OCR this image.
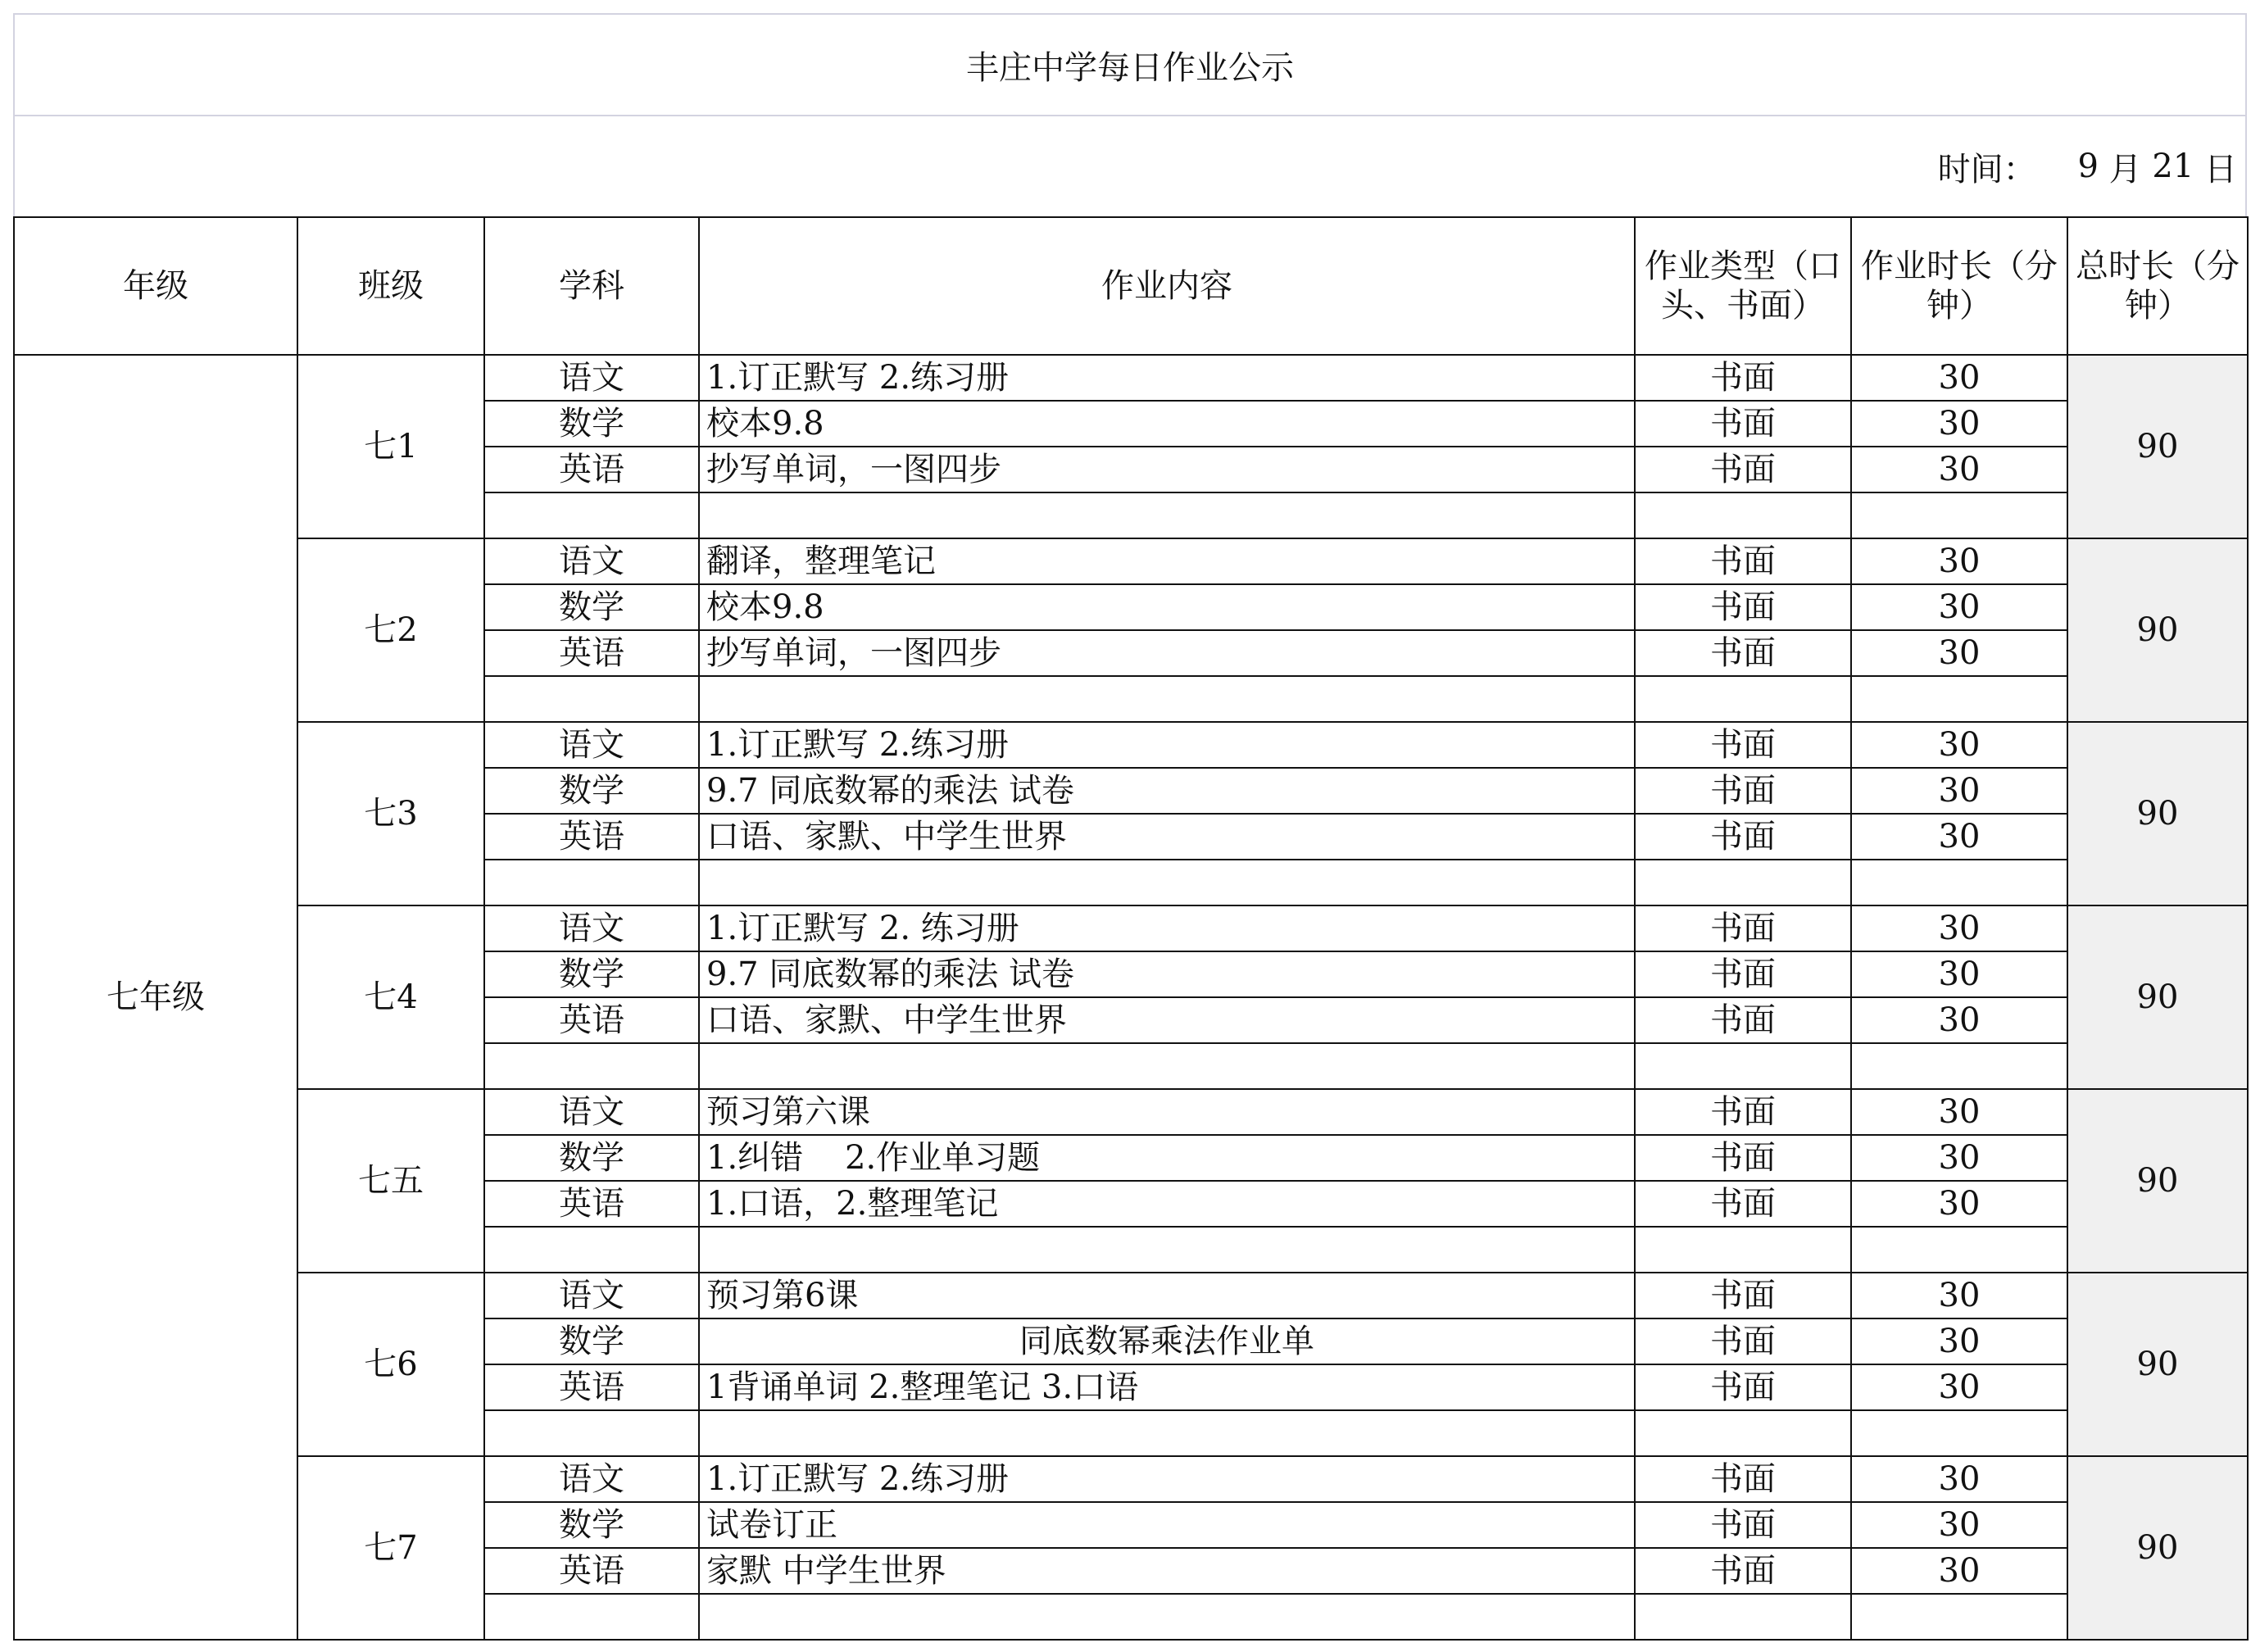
丰庄中学每日作业公示
时间：
9
月
21
日
年级	班级	学科	作业内容	作业类型（口头、书面）	作业时长（分钟）	总时长（分钟）
七年级	七1	语文	1.订正默写 2.练习册	书面	30	90
		数学	校本9.8	书面	30	
		英语	抄写单词，一图四步	书面	30	

	七2	语文	翻译，整理笔记	书面	30	90
		数学	校本9.8	书面	30	
		英语	抄写单词，一图四步	书面	30	

	七3	语文	1.订正默写 2.练习册	书面	30	90
		数学	9.7 同底数幂的乘法 试卷	书面	30	
		英语	口语、家默、中学生世界	书面	30	

	七4	语文	1.订正默写 2. 练习册	书面	30	90
		数学	9.7 同底数幂的乘法 试卷	书面	30	
		英语	口语、家默、中学生世界	书面	30	

	七五	语文	预习第六课	书面	30	90
		数学	1.纠错    2.作业单习题	书面	30	
		英语	1.口语，2.整理笔记	书面	30	

	七6	语文	预习第6课	书面	30	90
		数学	同底数幂乘法作业单	书面	30	
		英语	1背诵单词 2.整理笔记 3.口语	书面	30	

	七7	语文	1.订正默写 2.练习册	书面	30	90
		数学	试卷订正	书面	30	
		英语	家默 中学生世界	书面	30	
